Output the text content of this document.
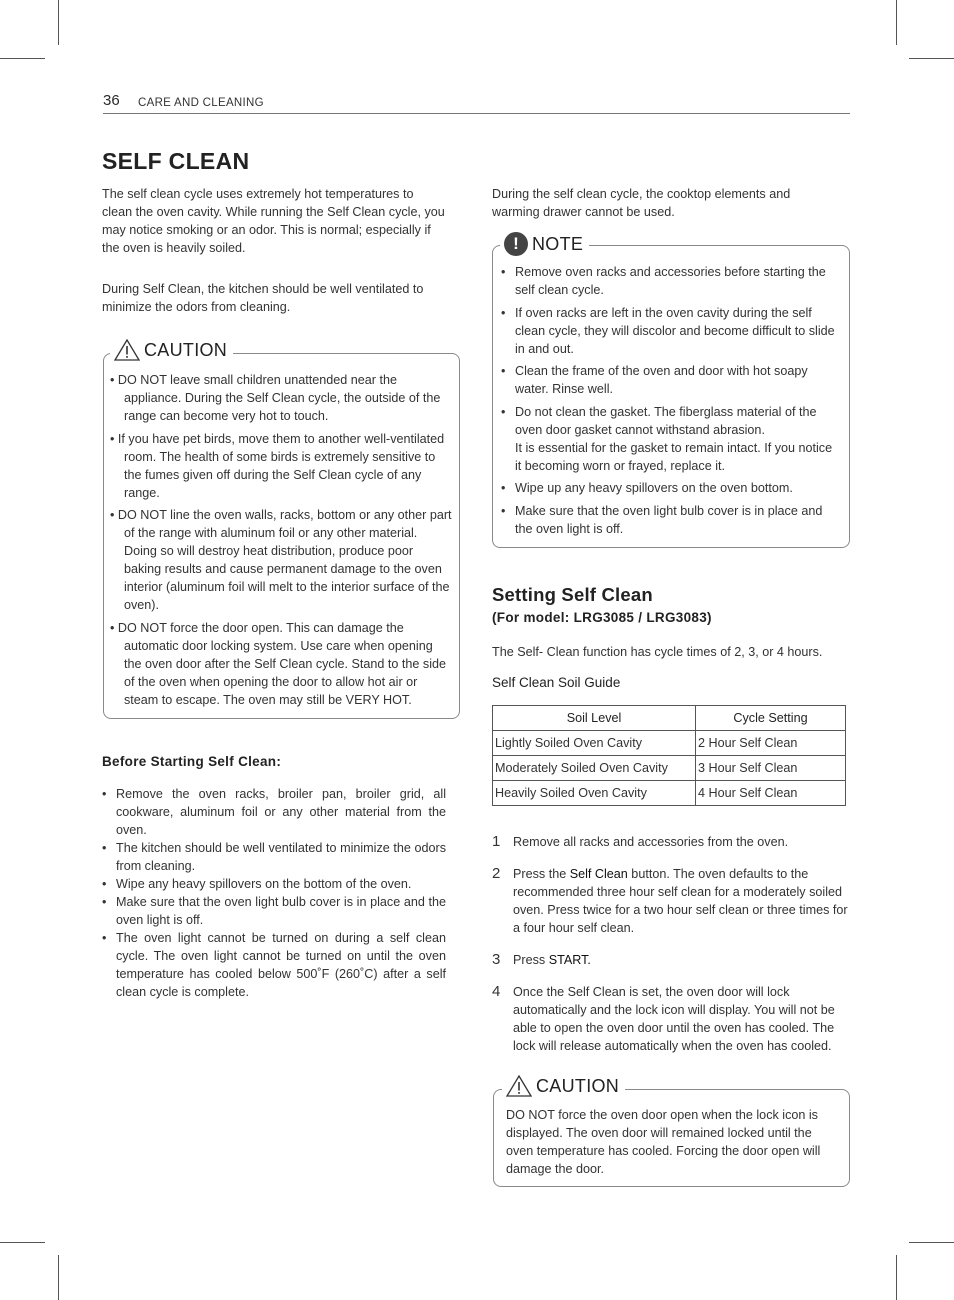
36 CARE AND CLEANING
SELF CLEAN

The self clean cycle uses extremely hot temperatures to clean the oven cavity. While running the Self Clean cycle, you may notice smoking or an odor. This is normal; especially if the oven is heavily soiled.

During Self Clean, the kitchen should be well ventilated to minimize the odors from cleaning.

CAUTION
• DO NOT leave small children unattended near the appliance. During the Self Clean cycle, the outside of the range can become very hot to touch.
• If you have pet birds, move them to another well-ventilated room. The health of some birds is extremely sensitive to the fumes given off during the Self Clean cycle of any range.
• DO NOT line the oven walls, racks, bottom or any other part of the range with aluminum foil or any other material. Doing so will destroy heat distribution, produce poor baking results and cause permanent damage to the oven interior (aluminum foil will melt to the interior surface of the oven).
• DO NOT force the door open. This can damage the automatic door locking system. Use care when opening the oven door after the Self Clean cycle. Stand to the side of the oven when opening the door to allow hot air or steam to escape. The oven may still be VERY HOT.
Before Starting Self Clean:
• Remove the oven racks, broiler pan, broiler grid, all cookware, aluminum foil or any other material from the oven.
• The kitchen should be well ventilated to minimize the odors from cleaning.
• Wipe any heavy spillovers on the bottom of the oven.
• Make sure that the oven light bulb cover is in place and the oven light is off.
• The oven light cannot be turned on during a self clean cycle. The oven light cannot be turned on until the oven temperature has cooled below 500˚F (260˚C) after a self clean cycle is complete.

During the self clean cycle, the cooktop elements and warming drawer cannot be used.

! NOTE
• Remove oven racks and accessories before starting the self clean cycle.
• If oven racks are left in the oven cavity during the self clean cycle, they will discolor and become difficult to slide in and out.
• Clean the frame of the oven and door with hot soapy water. Rinse well.
• Do not clean the gasket. The fiberglass material of the oven door gasket cannot withstand abrasion.
It is essential for the gasket to remain intact. If you notice it becoming worn or frayed, replace it.
• Wipe up any heavy spillovers on the oven bottom.
• Make sure that the oven light bulb cover is in place and the oven light is off.
Setting Self Clean
(For model: LRG3085 / LRG3083)

The Self- Clean function has cycle times of 2, 3, or 4 hours.

Self Clean Soil Guide
Soil Level	Cycle Setting
Lightly Soiled Oven Cavity	2 Hour Self Clean
Moderately Soiled Oven Cavity	3 Hour Self Clean
Heavily Soiled Oven Cavity	4 Hour Self Clean
1	Remove all racks and accessories from the oven.
2	Press the Self Clean button. The oven defaults to the recommended three hour self clean for a moderately soiled oven. Press twice for a two hour self clean or three times for a four hour self clean.
3	Press START.
4	Once the Self Clean is set, the oven door will lock automatically and the lock icon will display. You will not be able to open the oven door until the oven has cooled. The lock will release automatically when the oven has cooled.
CAUTION

DO NOT force the oven door open when the lock icon is displayed. The oven door will remained locked until the oven temperature has cooled. Forcing the door open will damage the door.
